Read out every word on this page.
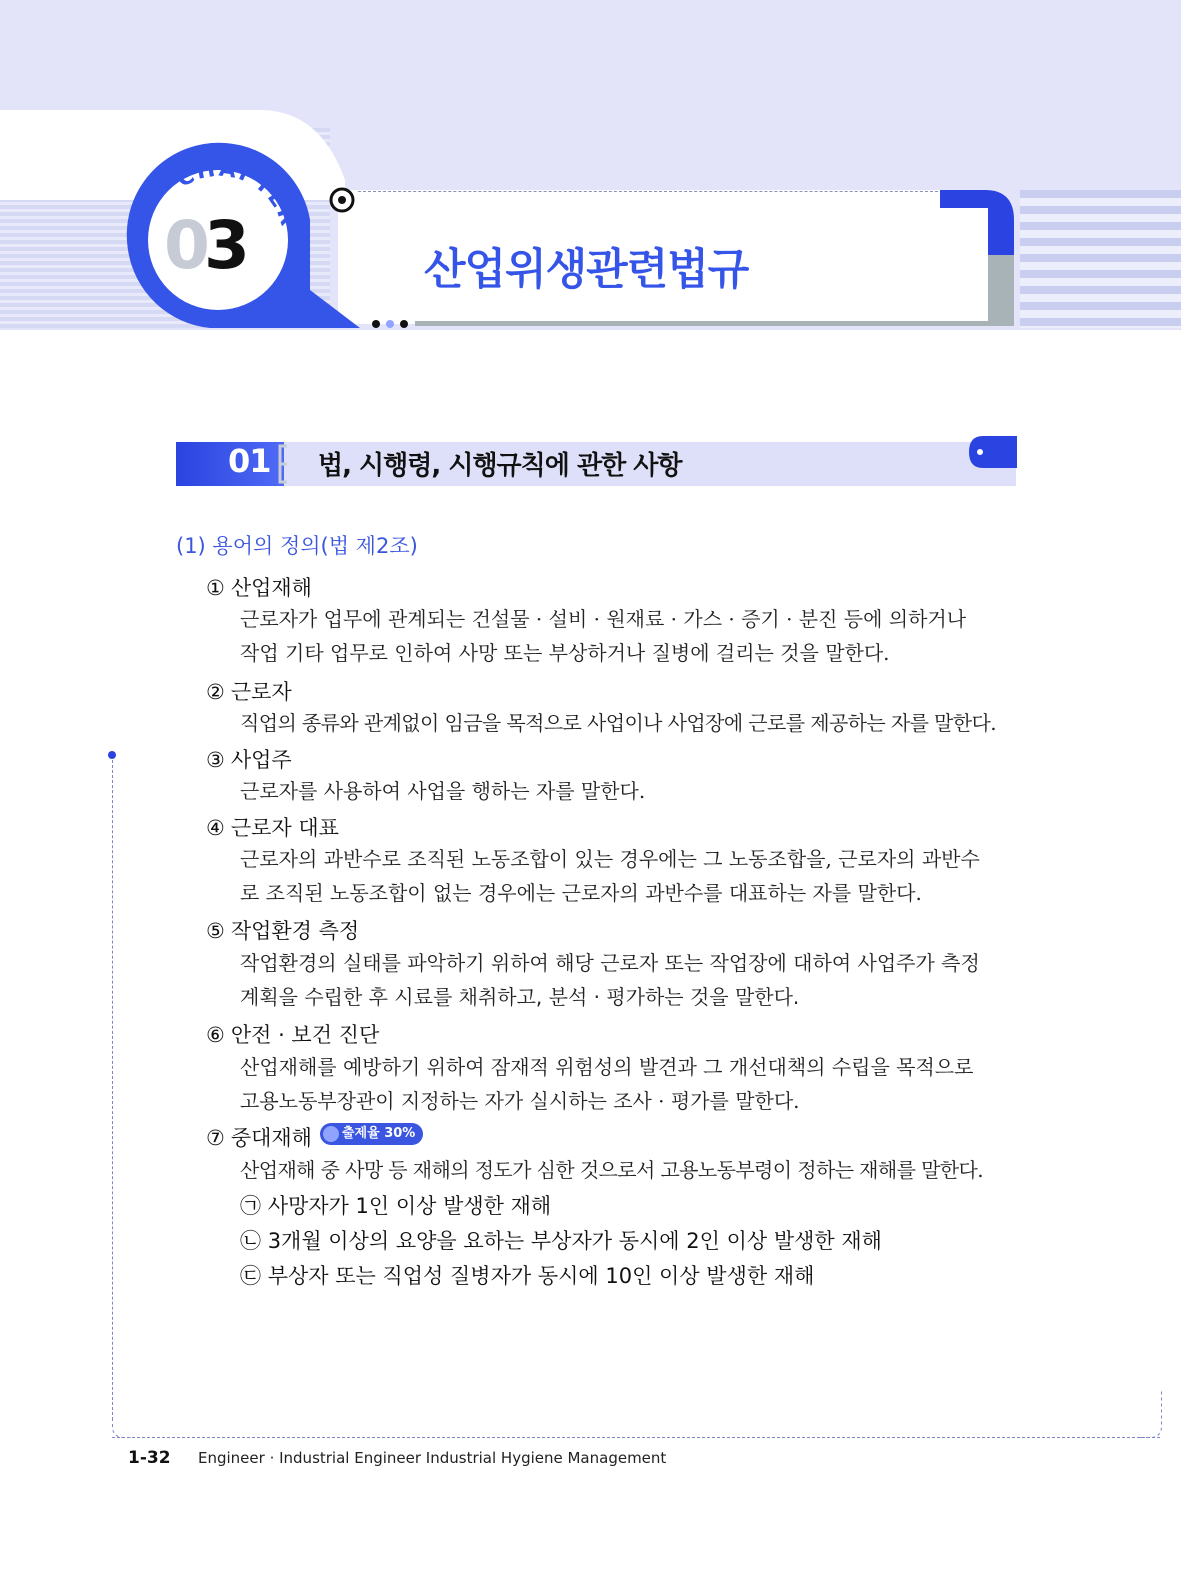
CHAPTER
0
3	산업위생관련법규
01 법, 시행령, 시행규칙에 관한 사항
(1) 용어의 정의(법 제2조)
① 산업재해
근로자가 업무에 관계되는 건설물 · 설비 · 원재료 · 가스 · 증기 · 분진 등에 의하거나
작업 기타 업무로 인하여 사망 또는 부상하거나 질병에 걸리는 것을 말한다.
② 근로자
직업의 종류와 관계없이 임금을 목적으로 사업이나 사업장에 근로를 제공하는 자를 말한다.
③ 사업주
근로자를 사용하여 사업을 행하는 자를 말한다.
④ 근로자 대표
근로자의 과반수로 조직된 노동조합이 있는 경우에는 그 노동조합을, 근로자의 과반수
로 조직된 노동조합이 없는 경우에는 근로자의 과반수를 대표하는 자를 말한다.
⑤ 작업환경 측정
작업환경의 실태를 파악하기 위하여 해당 근로자 또는 작업장에 대하여 사업주가 측정
계획을 수립한 후 시료를 채취하고, 분석 · 평가하는 것을 말한다.
⑥ 안전 · 보건 진단
산업재해를 예방하기 위하여 잠재적 위험성의 발견과 그 개선대책의 수립을 목적으로
고용노동부장관이 지정하는 자가 실시하는 조사 · 평가를 말한다.
⑦ 중대재해	출제율 30%
산업재해 중 사망 등 재해의 정도가 심한 것으로서 고용노동부령이 정하는 재해를 말한다.
㉠ 사망자가 1인 이상 발생한 재해
㉡ 3개월 이상의 요양을 요하는 부상자가 동시에 2인 이상 발생한 재해
㉢ 부상자 또는 직업성 질병자가 동시에 10인 이상 발생한 재해
1-32 Engineer · Industrial Engineer Industrial Hygiene Management
